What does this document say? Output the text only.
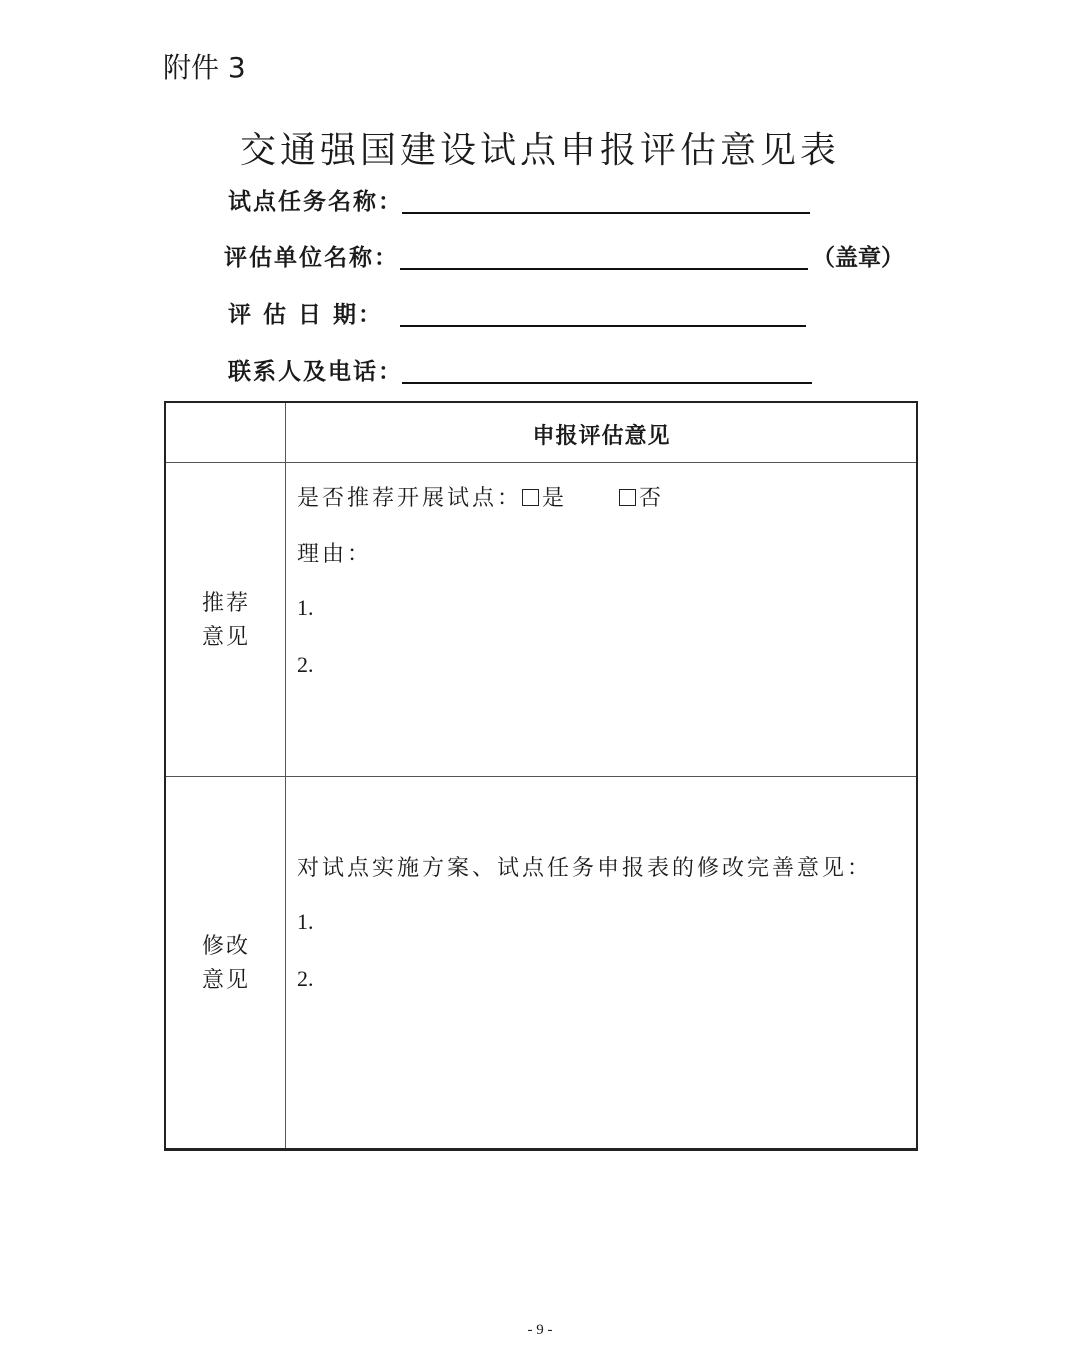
附件 3
交通强国建设试点申报评估意见表
试点任务名称：
评估单位名称：	（盖章）
评 估 日 期：
联系人及电话：
申报评估意见
推荐
意见
是否推荐开展试点： 是	否
理由：
1.
2.
修改
意见
对试点实施方案、试点任务申报表的修改完善意见：
1.
2.
- 9 -
